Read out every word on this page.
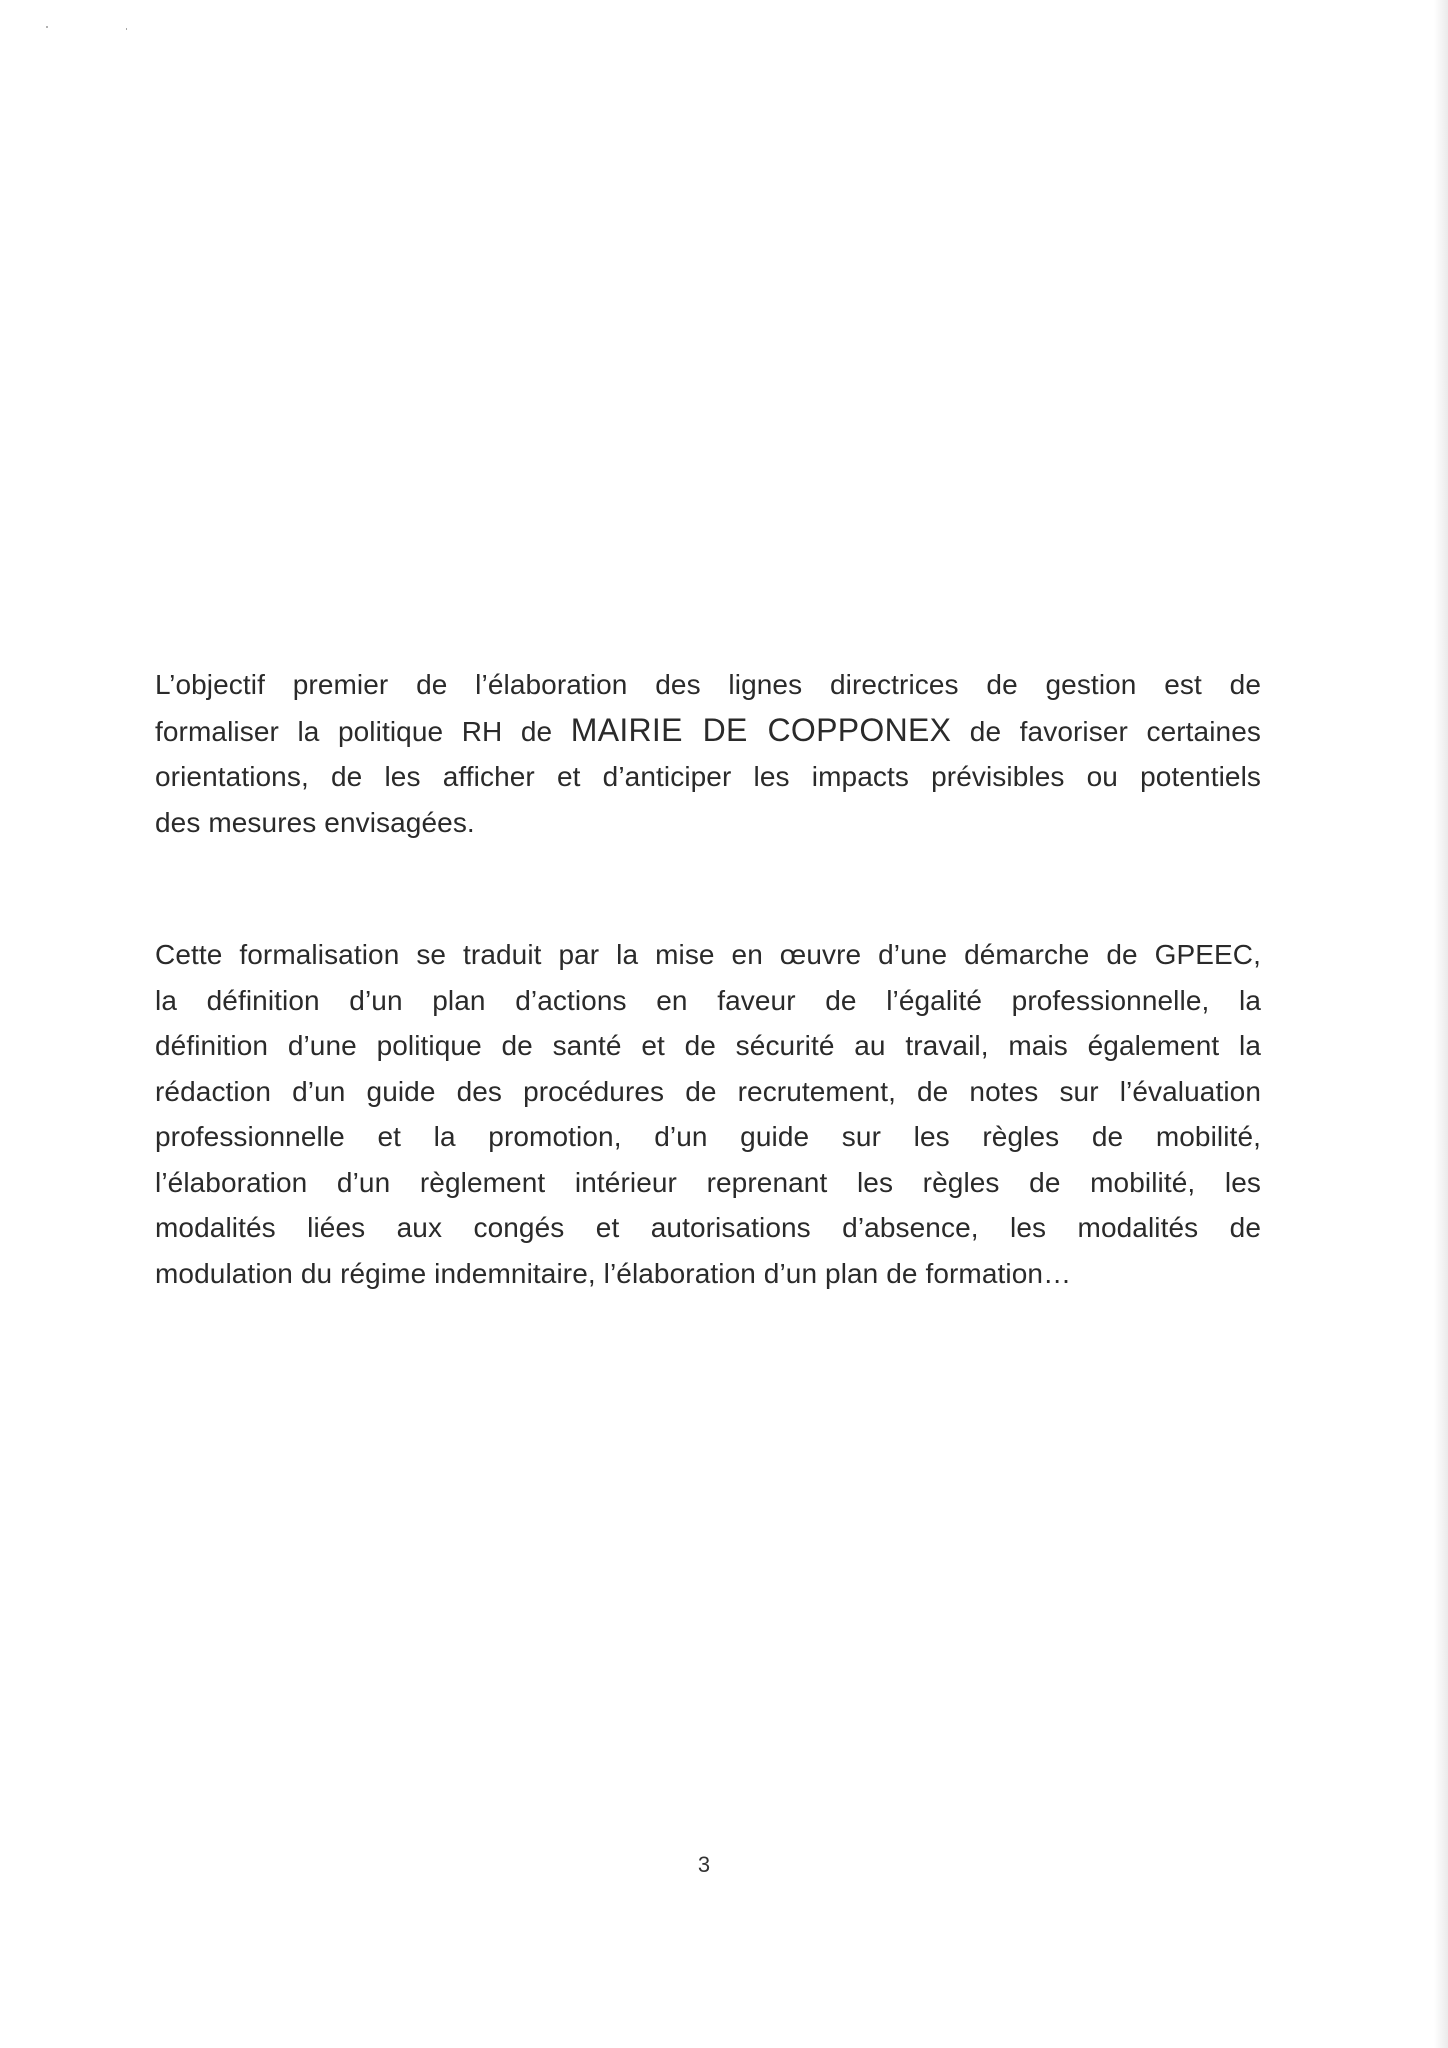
L’objectif premier de l’élaboration des lignes directrices de gestion est de
formaliser la politique RH de MAIRIE DE COPPONEX de favoriser certaines
orientations, de les afficher et d’anticiper les impacts prévisibles ou potentiels
des mesures envisagées.

Cette formalisation se traduit par la mise en œuvre d’une démarche de GPEEC,
la définition d’un plan d’actions en faveur de l’égalité professionnelle, la
définition d’une politique de santé et de sécurité au travail, mais également la
rédaction d’un guide des procédures de recrutement, de notes sur l’évaluation
professionnelle et la promotion, d’un guide sur les règles de mobilité,
l’élaboration d’un règlement intérieur reprenant les règles de mobilité, les
modalités liées aux congés et autorisations d’absence, les modalités de
modulation du régime indemnitaire, l’élaboration d’un plan de formation…

3
